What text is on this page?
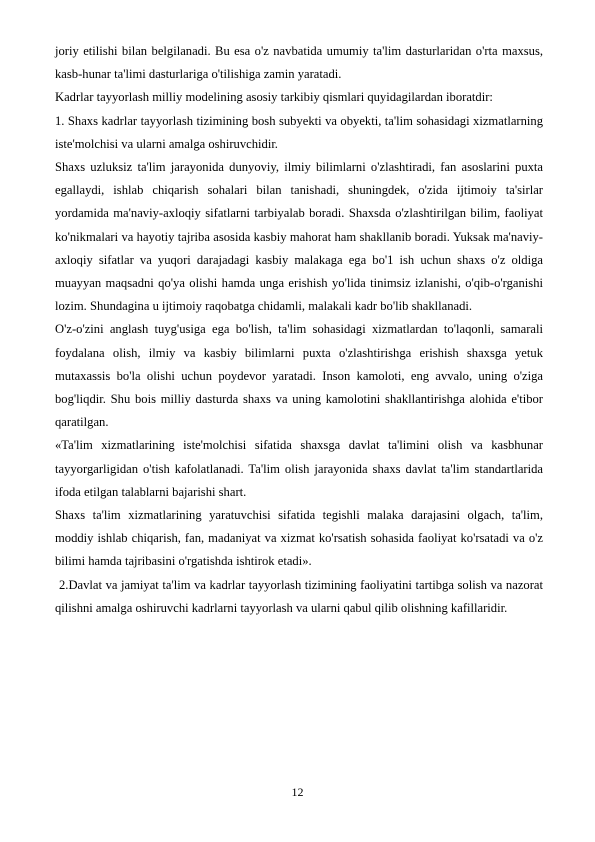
joriy etilishi bilan belgilanadi. Bu esa o'z navbatida umumiy ta'lim dasturlaridan o'rta maxsus, kasb-hunar ta'limi dasturlariga o'tilishiga zamin yaratadi.

Kadrlar tayyorlash milliy modelining asosiy tarkibiy qismlari quyidagilardan iboratdir:

1. Shaxs kadrlar tayyorlash tizimining bosh subyekti va obyekti, ta'lim sohasidagi xizmatlarning iste'molchisi va ularni amalga oshiruvchidir.

Shaxs uzluksiz ta'lim jarayonida dunyoviy, ilmiy bilimlarni o'zlashtiradi, fan asoslarini puxta egallaydi, ishlab chiqarish sohalari bilan tanishadi, shuningdek, o'zida ijtimoiy ta'sirlar yordamida ma'naviy-axloqiy sifatlarni tarbiyalab boradi. Shaxsda o'zlashtirilgan bilim, faoliyat ko'nikmalari va hayotiy tajriba asosida kasbiy mahorat ham shakllanib boradi. Yuksak ma'naviy-axloqiy sifatlar va yuqori darajadagi kasbiy malakaga ega bo'1 ish uchun shaxs o'z oldiga muayyan maqsadni qo'ya olishi hamda unga erishish yo'lida tinimsiz izlanishi, o'qib-o'rganishi lozim. Shundagina u ijtimoiy raqobatga chidamli, malakali kadr bo'lib shakllanadi.

O'z-o'zini anglash tuyg'usiga ega bo'lish, ta'lim sohasidagi xizmatlardan to'laqonli, samarali foydalana olish, ilmiy va kasbiy bilimlarni puxta o'zlashtirishga erishish shaxsga yetuk mutaxassis bo'la olishi uchun poydevor yaratadi. Inson kamoloti, eng avvalo, uning o'ziga bog'liqdir. Shu bois milliy dasturda shaxs va uning kamolotini shakllantirishga alohida e'tibor qaratilgan.

«Ta'lim xizmatlarining iste'molchisi sifatida shaxsga davlat ta'limini olish va kasbhunar tayyorgarligidan o'tish kafolatlanadi. Ta'lim olish jarayonida shaxs davlat ta'lim standartlarida ifoda etilgan talablarni bajarishi shart.

Shaxs ta'lim xizmatlarining yaratuvchisi sifatida tegishli malaka darajasini olgach, ta'lim, moddiy ishlab chiqarish, fan, madaniyat va xizmat ko'rsatish sohasida faoliyat ko'rsatadi va o'z bilimi hamda tajribasini o'rgatishda ishtirok etadi».

2.Davlat va jamiyat ta'lim va kadrlar tayyorlash tizimining faoliyatini tartibga solish va nazorat qilishni amalga oshiruvchi kadrlarni tayyorlash va ularni qabul qilib olishning kafillaridir.

12
